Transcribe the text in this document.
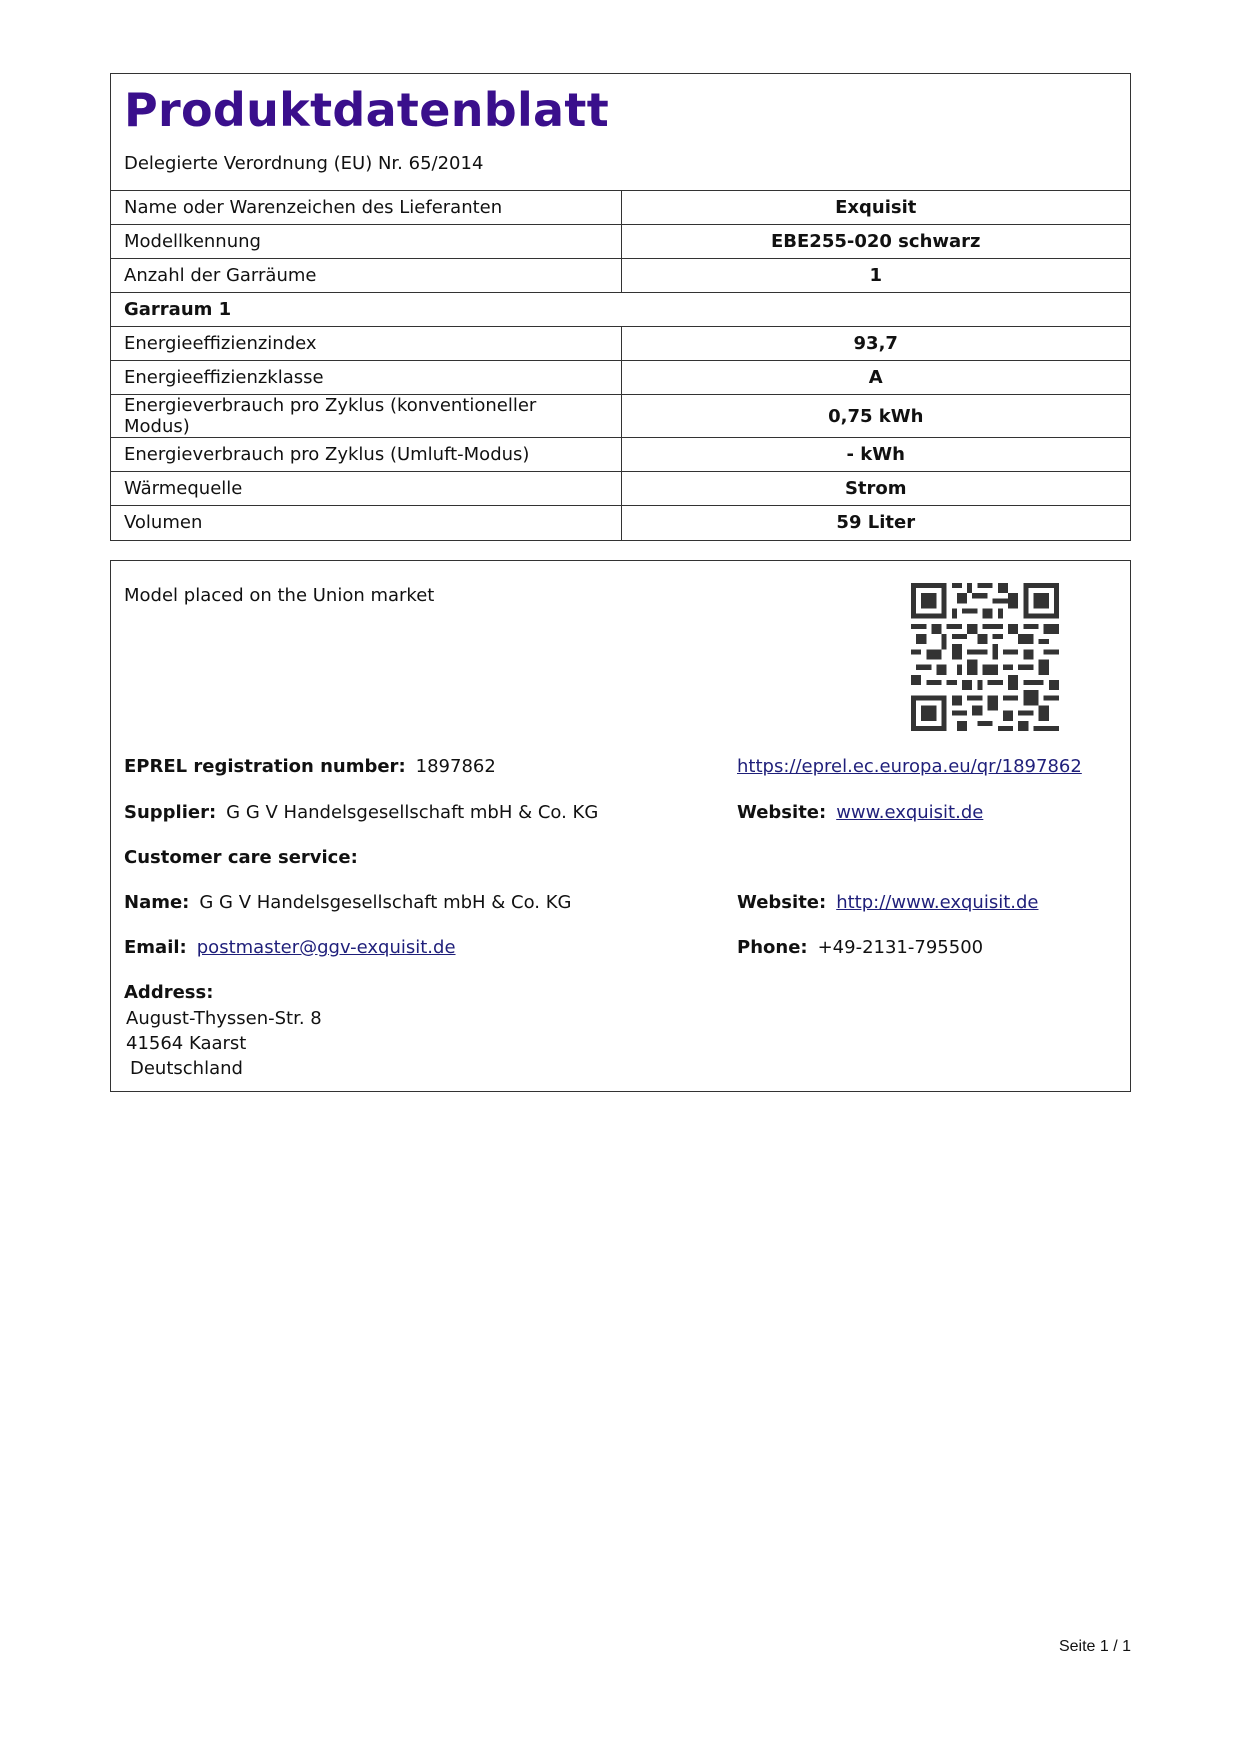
Produktdatenblatt
Delegierte Verordnung (EU) Nr. 65/2014
Name oder Warenzeichen des Lieferanten	Exquisit
Modellkennung	EBE255-020 schwarz
Anzahl der Garräume	1
Garraum 1	
Energieeffizienzindex	93,7
Energieeffizienzklasse	A
Energieverbrauch pro Zyklus (konventioneller Modus)	0,75 kWh
Energieverbrauch pro Zyklus (Umluft-Modus)	- kWh
Wärmequelle	Strom
Volumen	59 Liter
Model placed on the Union market
EPREL registration number: 1897862	https://eprel.ec.europa.eu/qr/1897862
Supplier: G G V Handelsgesellschaft mbH & Co. KG	Website: www.exquisit.de
Customer care service:
Name: G G V Handelsgesellschaft mbH & Co. KG	Website: http://www.exquisit.de
Email: postmaster@ggv-exquisit.de	Phone: +49-2131-795500
Address:
August-Thyssen-Str. 8
41564 Kaarst
Deutschland
Seite 1 / 1
